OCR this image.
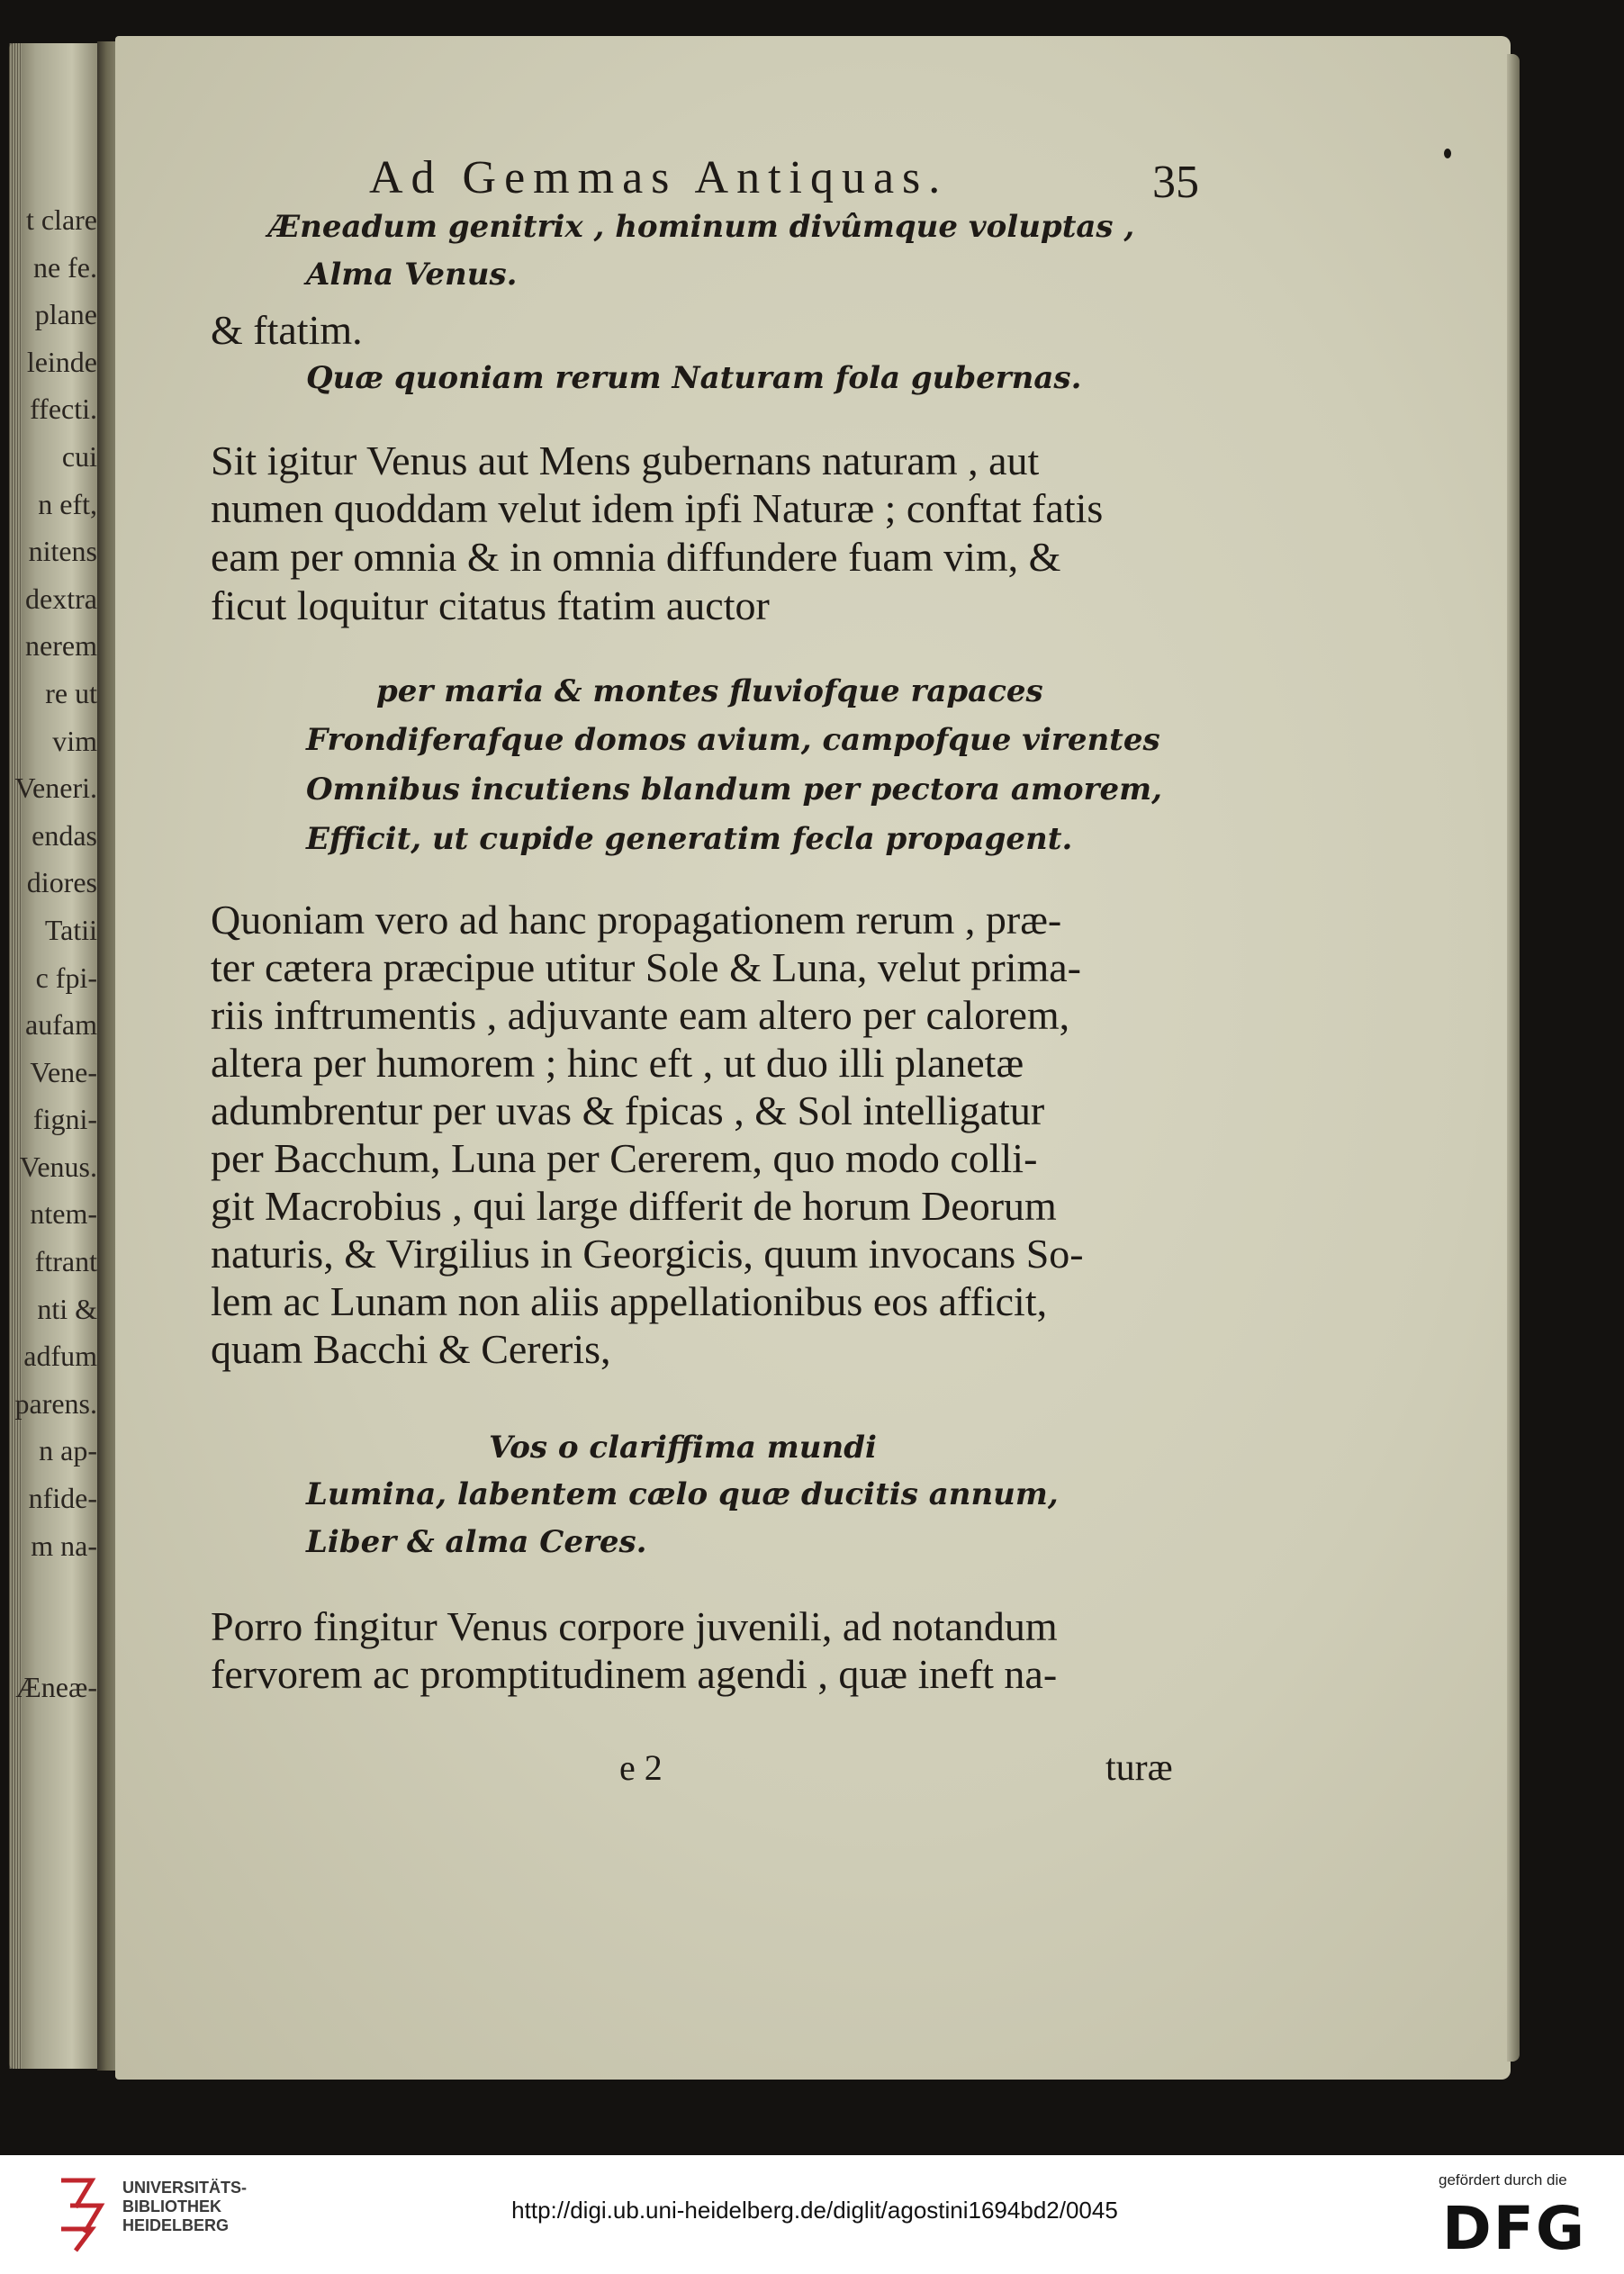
t clare
ne fe.
plane
leinde
ffecti.
cui
n eft,
nitens
dextra
nerem
re ut
vim
Veneri.
endas
diores
Tatii
c fpi-
aufam
Vene-
figni-
Venus.
ntem-
ftrant
nti &
adfum
parens.
n ap-
nfide-
m na-
Æneæ-
Ad Gemmas Antiquas.	35
Æneadum genitrix , hominum divûmque voluptas ,
Alma Venus.
& ftatim.
Quæ quoniam rerum Naturam fola gubernas.
Sit igitur Venus aut Mens gubernans naturam , aut
numen quoddam velut idem ipfi Naturæ ; conftat fatis
eam per omnia & in omnia diffundere fuam vim, &
ficut loquitur citatus ftatim auctor
per maria & montes fluviofque rapaces
Frondiferafque domos avium, campofque virentes
Omnibus incutiens blandum per pectora amorem,
Efficit, ut cupide generatim fecla propagent.
Quoniam vero ad hanc propagationem rerum , præ-
ter cætera præcipue utitur Sole & Luna, velut prima-
riis inftrumentis , adjuvante eam altero per calorem,
altera per humorem ; hinc eft , ut duo illi planetæ
adumbrentur per uvas & fpicas , & Sol intelligatur
per Bacchum, Luna per Cererem, quo modo colli-
git Macrobius , qui large differit de horum Deorum
naturis, & Virgilius in Georgicis, quum invocans So-
lem ac Lunam non aliis appellationibus eos afficit,
quam Bacchi & Cereris,
Vos o clariffima mundi
Lumina, labentem cælo quæ ducitis annum,
Liber & alma Ceres.
Porro fingitur Venus corpore juvenili, ad notandum
fervorem ac promptitudinem agendi , quæ ineft na-
e 2	turæ
UNIVERSITÄTS-
BIBLIOTHEK
HEIDELBERG
http://digi.ub.uni-heidelberg.de/diglit/agostini1694bd2/0045
gefördert durch die
DFG
